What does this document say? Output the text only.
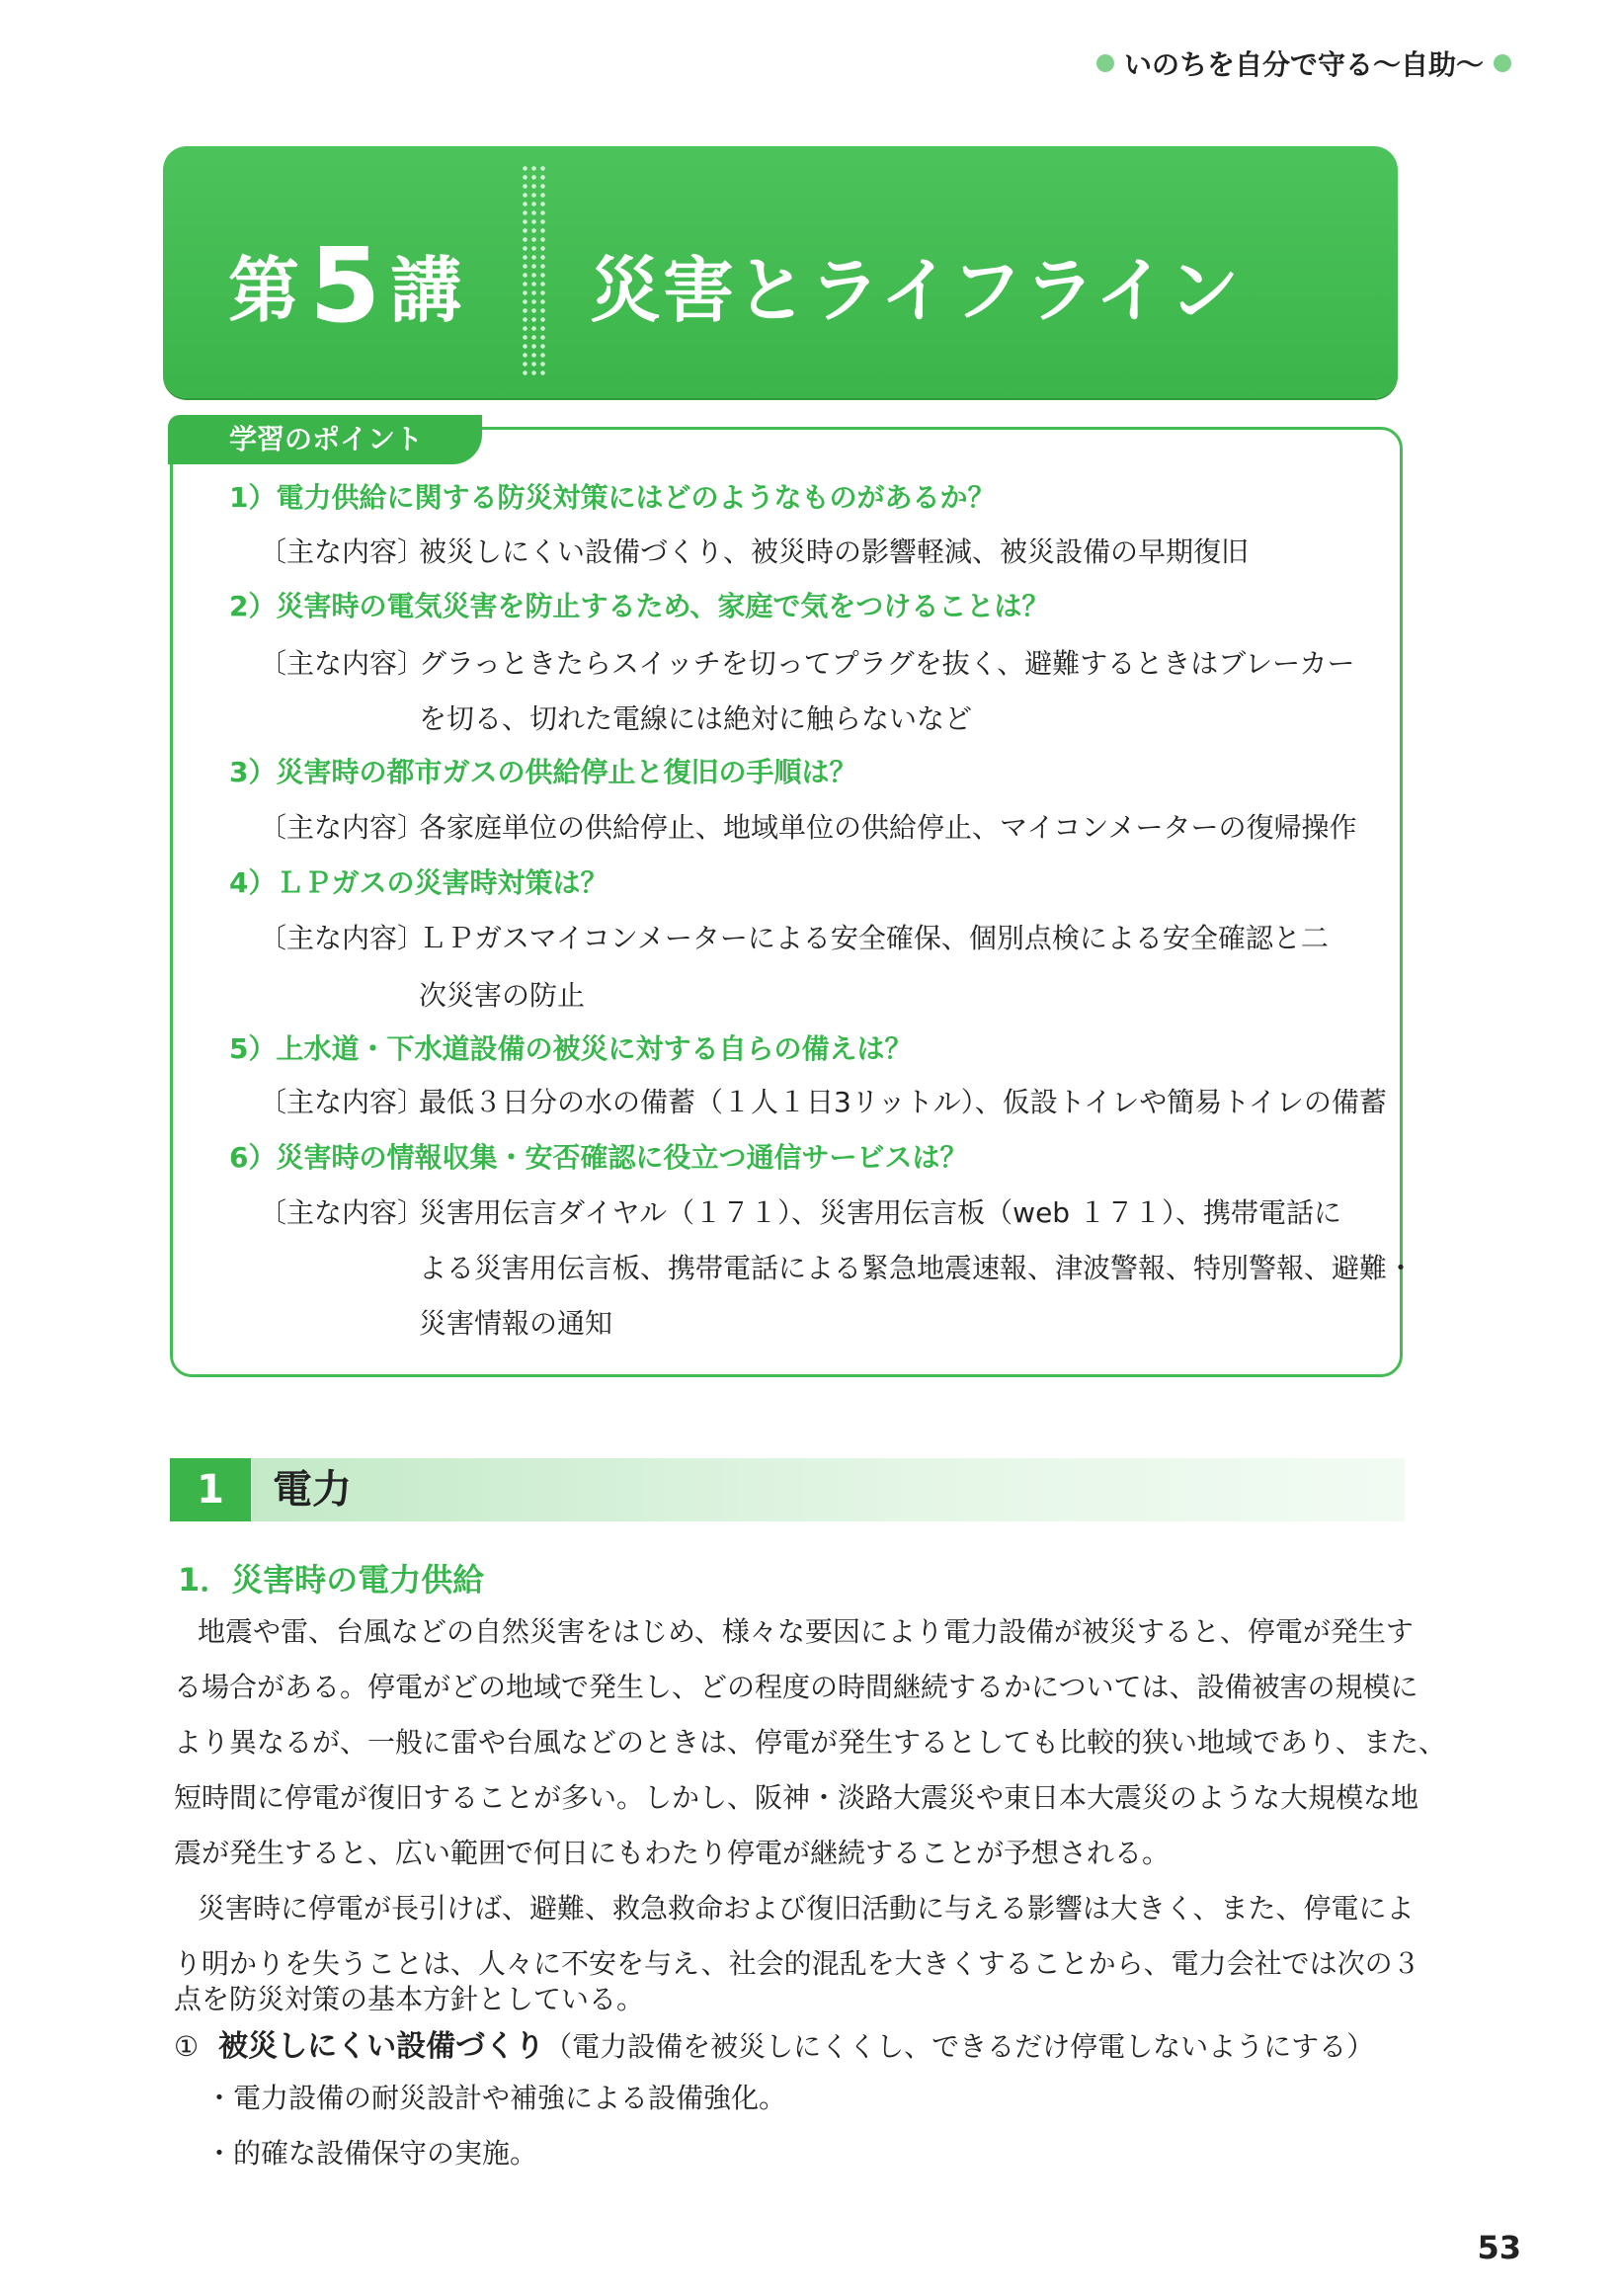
いのちを自分で守る〜自助〜
第5 講 災害とライフライン
学習のポイント
1）電力供給に関する防災対策にはどのようなものがあるか？
〔主な内容〕
被災しにくい設備づくり、被災時の影響軽減、被災設備の早期復旧
2）災害時の電気災害を防止するため、家庭で気をつけることは？
〔主な内容〕
グラっときたらスイッチを切ってプラグを抜く、避難するときはブレーカー
を切る、切れた電線には絶対に触らないなど
3）災害時の都市ガスの供給停止と復旧の手順は？
〔主な内容〕
各家庭単位の供給停止、地域単位の供給停止、マイコンメーターの復帰操作
4）ＬＰガスの災害時対策は？
〔主な内容〕
ＬＰガスマイコンメーターによる安全確保、個別点検による安全確認と二
次災害の防止
5）上水道・下水道設備の被災に対する自らの備えは？
〔主な内容〕
最低３日分の水の備蓄（１人１日3リットル）、仮設トイレや簡易トイレの備蓄
6）災害時の情報収集・安否確認に役立つ通信サービスは？
〔主な内容〕
災害用伝言ダイヤル（１７１）、災害用伝言板（web １７１）、携帯電話に
よる災害用伝言板、携帯電話による緊急地震速報、津波警報、特別警報、避難・
災害情報の通知
1	電力
1．災害時の電力供給
地震や雷、台風などの自然災害をはじめ、様々な要因により電力設備が被災すると、停電が発生す
る場合がある。停電がどの地域で発生し、どの程度の時間継続するかについては、設備被害の規模に
より異なるが、一般に雷や台風などのときは、停電が発生するとしても比較的狭い地域であり、また、
短時間に停電が復旧することが多い。しかし、阪神・淡路大震災や東日本大震災のような大規模な地
震が発生すると、広い範囲で何日にもわたり停電が継続することが予想される。
災害時に停電が長引けば、避難、救急救命および復旧活動に与える影響は大きく、また、停電によ
り明かりを失うことは、人々に不安を与え、社会的混乱を大きくすることから、電力会社では次の３
点を防災対策の基本方針としている。
① 被災しにくい設備づくり（電力設備を被災しにくくし、できるだけ停電しないようにする）
・電力設備の耐災設計や補強による設備強化。
・的確な設備保守の実施。
53
